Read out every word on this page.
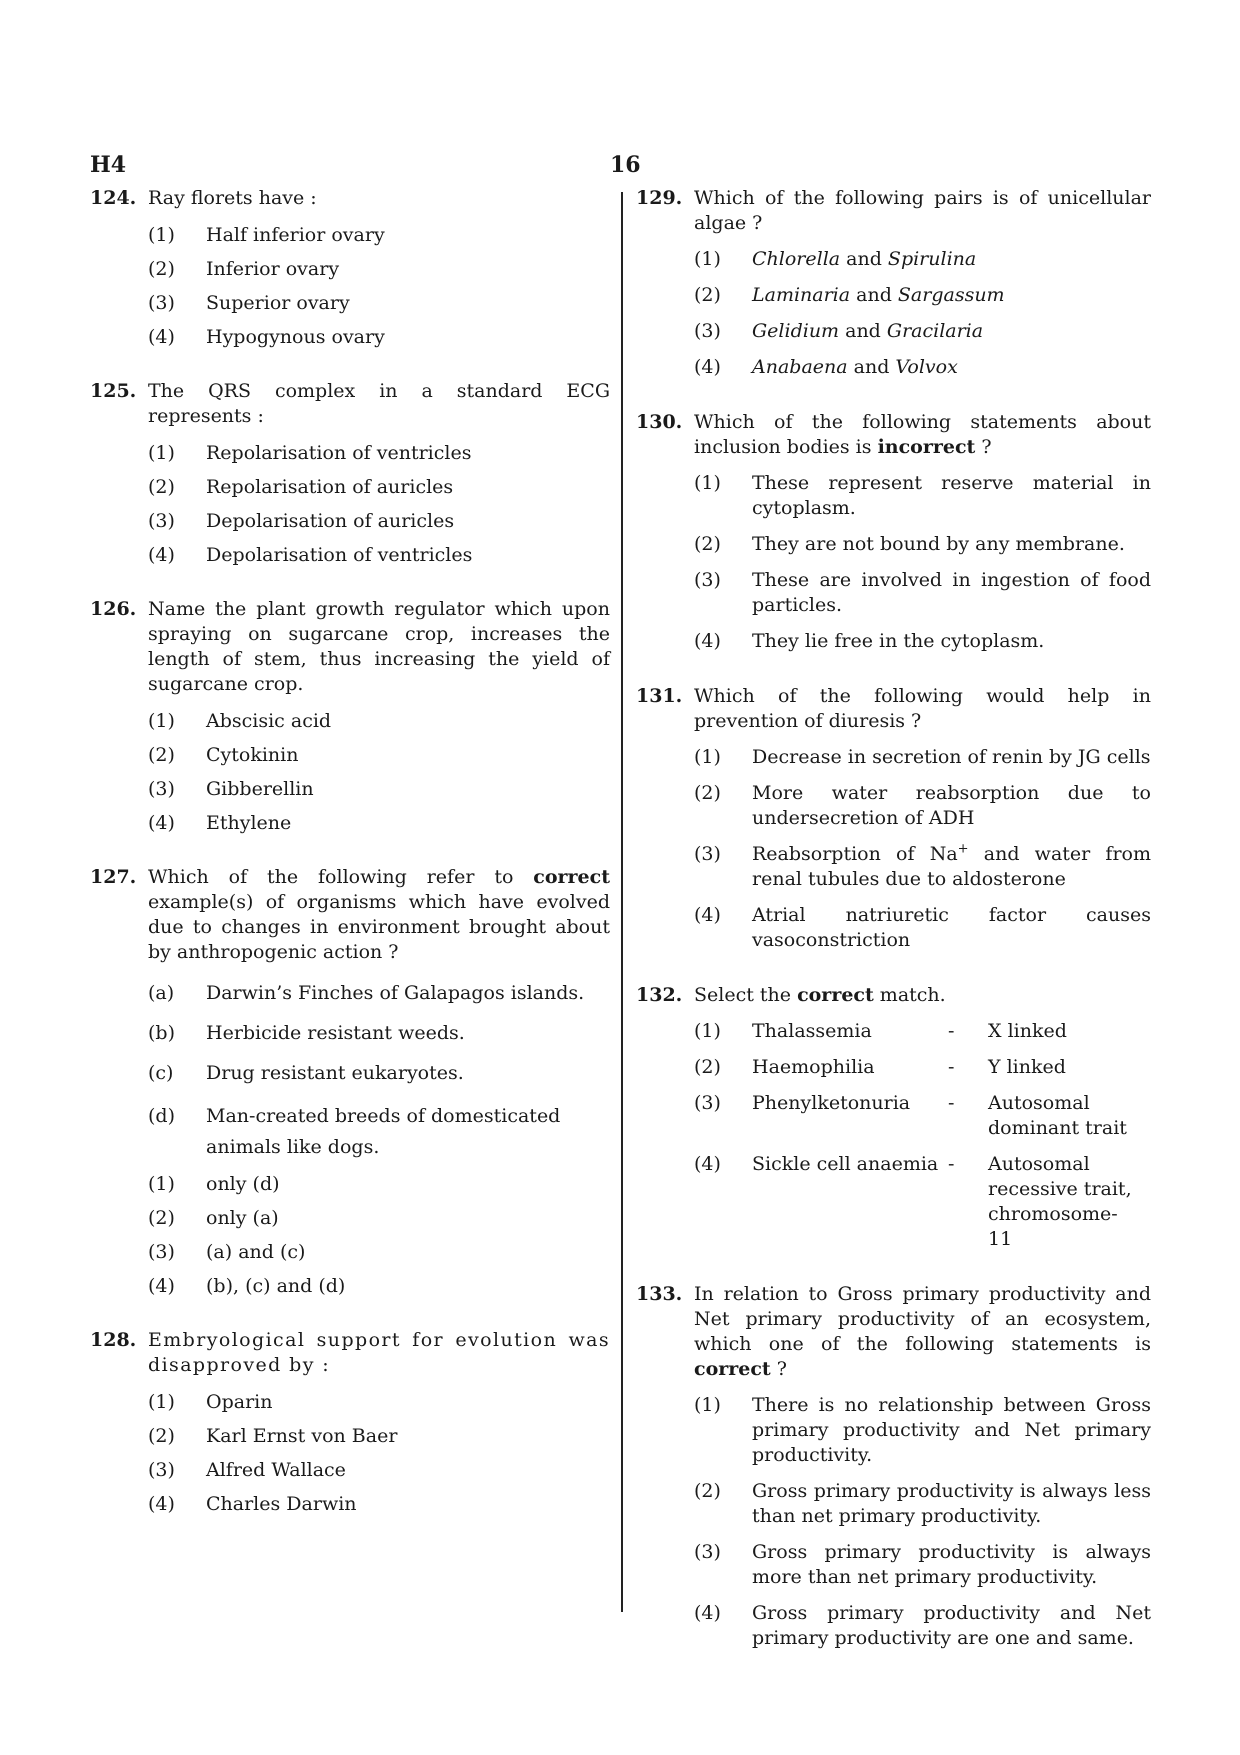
H4	16
124. Ray florets have :
(1)	Half inferior ovary
(2)	Inferior ovary
(3)	Superior ovary
(4)	Hypogynous ovary
125. The QRS complex in a standard ECG represents :
(1)	Repolarisation of ventricles
(2)	Repolarisation of auricles
(3)	Depolarisation of auricles
(4)	Depolarisation of ventricles
126. Name the plant growth regulator which upon spraying on sugarcane crop, increases the length of stem, thus increasing the yield of sugarcane crop.
(1)	Abscisic acid
(2)	Cytokinin
(3)	Gibberellin
(4)	Ethylene
127. Which of the following refer to correct example(s) of organisms which have evolved due to changes in environment brought about by anthropogenic action ?
(a)	Darwin’s Finches of Galapagos islands.
(b)	Herbicide resistant weeds.
(c)	Drug resistant eukaryotes.
(d)	Man-created breeds of domesticated animals like dogs.
(1)	only (d)
(2)	only (a)
(3)	(a) and (c)
(4)	(b), (c) and (d)
128. Embryological support for evolution was disapproved by :
(1)	Oparin
(2)	Karl Ernst von Baer
(3)	Alfred Wallace
(4)	Charles Darwin
129. Which of the following pairs is of unicellular algae ?
(1)	Chlorella and Spirulina
(2)	Laminaria and Sargassum
(3)	Gelidium and Gracilaria
(4)	Anabaena and Volvox
130. Which of the following statements about inclusion bodies is incorrect ?
(1)	These represent reserve material in cytoplasm.
(2)	They are not bound by any membrane.
(3)	These are involved in ingestion of food particles.
(4)	They lie free in the cytoplasm.
131. Which of the following would help in prevention of diuresis ?
(1)	Decrease in secretion of renin by JG cells
(2)	More water reabsorption due to undersecretion of ADH
(3)	Reabsorption of Na+ and water from renal tubules due to aldosterone
(4)	Atrial natriuretic factor causes vasoconstriction
132. Select the correct match.
(1)	Thalassemia	-	X linked
(2)	Haemophilia	-	Y linked
(3)	Phenylketonuria	-	Autosomal dominant trait
(4)	Sickle cell anaemia -	Autosomal recessive trait, chromosome-11
133. In relation to Gross primary productivity and Net primary productivity of an ecosystem, which one of the following statements is correct ?
(1)	There is no relationship between Gross primary productivity and Net primary productivity.
(2)	Gross primary productivity is always less than net primary productivity.
(3)	Gross primary productivity is always more than net primary productivity.
(4)	Gross primary productivity and Net primary productivity are one and same.
